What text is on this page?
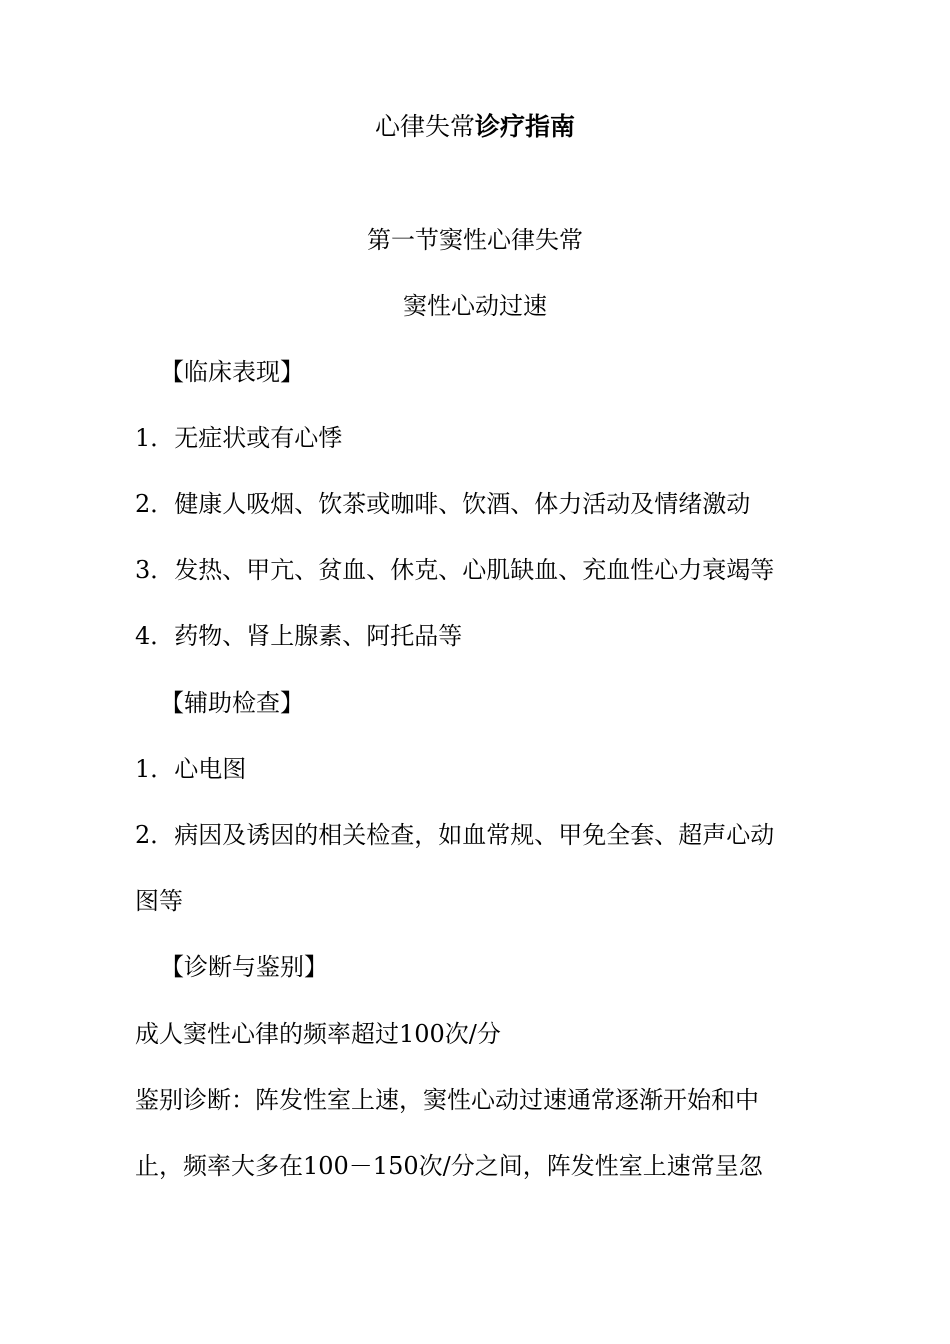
心律失常诊疗指南
第一节窦性心律失常
窦性心动过速
【临床表现】
1．无症状或有心悸
2．健康人吸烟、饮茶或咖啡、饮酒、体力活动及情绪激动
3．发热、甲亢、贫血、休克、心肌缺血、充血性心力衰竭等
4．药物、肾上腺素、阿托品等
【辅助检查】
1．心电图
2．病因及诱因的相关检查，如血常规、甲免全套、超声心动
图等
【诊断与鉴别】
成人窦性心律的频率超过100次/分
鉴别诊断：阵发性室上速，窦性心动过速通常逐渐开始和中
止，频率大多在100－150次/分之间，阵发性室上速常呈忽
